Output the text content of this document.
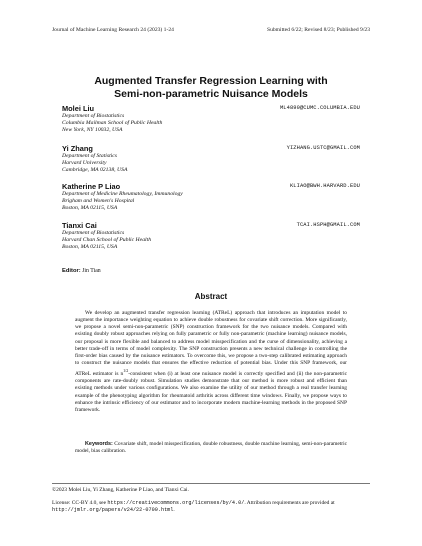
Journal of Machine Learning Research 24 (2023) 1-24	Submitted 6/22; Revised 8/23; Published 9/23
Augmented Transfer Regression Learning with
Semi-non-parametric Nuisance Models
Molei Liu	ML4890@CUMC.COLUMBIA.EDU
Department of Biostatistics
Columbia Mailman School of Public Health
New York, NY 10032, USA
Yi Zhang	YIZHANG.USTC@GMAIL.COM
Department of Statistics
Harvard University
Cambridge, MA 02138, USA
Katherine P Liao	KLIAO@BWH.HARVARD.EDU
Department of Medicine Rheumatology, Immunology
Brigham and Women's Hospital
Boston, MA 02115, USA
Tianxi Cai	TCAI.HSPH@GMAIL.COM
Department of Biostatistics
Harvard Chan School of Public Health
Boston, MA 02115, USA
Editor: Jin Tian
Abstract

We develop an augmented transfer regression learning (ATReL) approach that introduces an imputation model to augment the importance weighting equation to achieve double robustness for covariate shift correction. More significantly, we propose a novel semi-non-parametric (SNP) construction framework for the two nuisance models. Compared with existing doubly robust approaches relying on fully parametric or fully non-parametric (machine learning) nuisance models, our proposal is more flexible and balanced to address model misspecification and the curse of dimensionality, achieving a better trade-off in terms of model complexity. The SNP construction presents a new technical challenge in controlling the first-order bias caused by the nuisance estimators. To overcome this, we propose a two-step calibrated estimating approach to construct the nuisance models that ensures the effective reduction of potential bias. Under this SNP framework, our ATReL estimator is $n^{1/2}$-consistent when (i) at least one nuisance model is correctly specified and (ii) the non-parametric components are rate-doubly robust. Simulation studies demonstrate that our method is more robust and efficient than existing methods under various configurations. We also examine the utility of our method through a real transfer learning example of the phenotyping algorithm for rheumatoid arthritis across different time windows. Finally, we propose ways to enhance the intrinsic efficiency of our estimator and to incorporate modern machine-learning methods in the proposed SNP framework.

Keywords: Covariate shift, model misspecification, double robustness, double machine learning, semi-non-parametric model, bias calibration.

©2023 Molei Liu, Yi Zhang, Katherine P Liao, and Tianxi Cai.

License: CC-BY 4.0, see https://creativecommons.org/licenses/by/4.0/. Attribution requirements are provided at http://jmlr.org/papers/v24/22-0700.html.
